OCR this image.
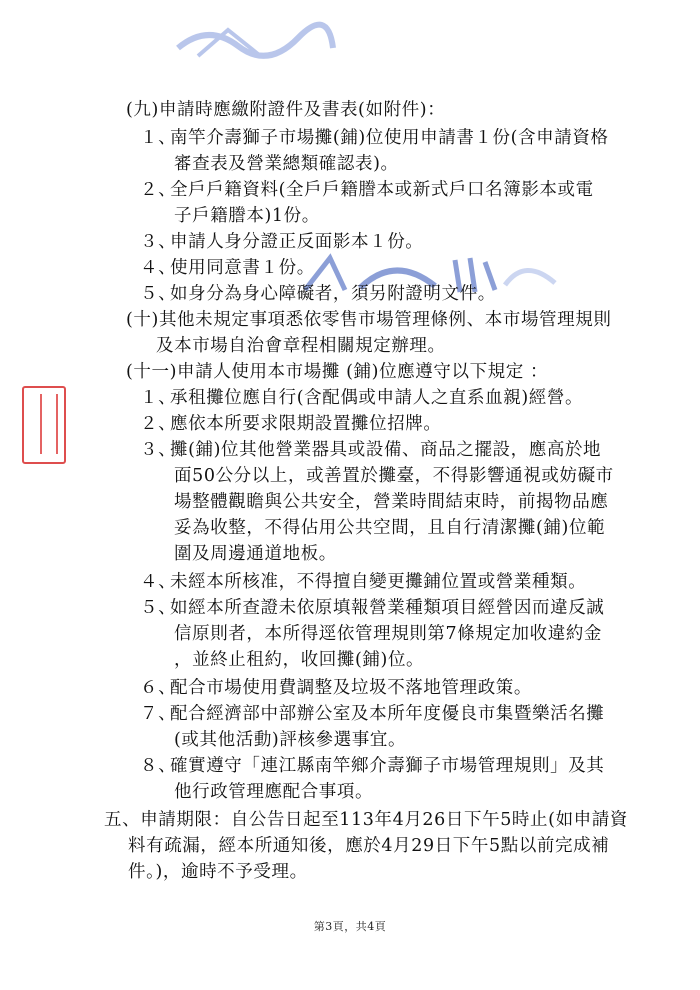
(九)申請時應繳附證件及書表(如附件)：
１、南竿介壽獅子市場攤(鋪)位使用申請書１份(含申請資格
審查表及營業總類確認表)。
２、全戶戶籍資料(全戶戶籍謄本或新式戶口名簿影本或電
子戶籍謄本)1份。
３、申請人身分證正反面影本１份。
４、使用同意書１份。
５、如身分為身心障礙者，須另附證明文件。
(十)其他未規定事項悉依零售市場管理條例、本市場管理規則
及本市場自治會章程相關規定辦理。
(十一)申請人使用本市場攤 (鋪)位應遵守以下規定 ：
１、承租攤位應自行(含配偶或申請人之直系血親)經營。
２、應依本所要求限期設置攤位招牌。
３、攤(鋪)位其他營業器具或設備、商品之擺設，應高於地
面50公分以上，或善置於攤臺，不得影響通視或妨礙市
場整體觀瞻與公共安全，營業時間結束時，前揭物品應
妥為收整，不得佔用公共空間，且自行清潔攤(鋪)位範
圍及周邊通道地板。
４、未經本所核准，不得擅自變更攤鋪位置或營業種類。
５、如經本所查證未依原填報營業種類項目經營因而違反誠
信原則者，本所得逕依管理規則第7條規定加收違約金
，並終止租約，收回攤(鋪)位。
６、配合市場使用費調整及垃圾不落地管理政策。
７、配合經濟部中部辦公室及本所年度優良市集暨樂活名攤
(或其他活動)評核參選事宜。
８、確實遵守「連江縣南竿鄉介壽獅子市場管理規則」及其
他行政管理應配合事項。
五、申請期限：自公告日起至113年4月26日下午5時止(如申請資
料有疏漏，經本所通知後，應於4月29日下午5點以前完成補
件。)，逾時不予受理。
第3頁，共4頁
